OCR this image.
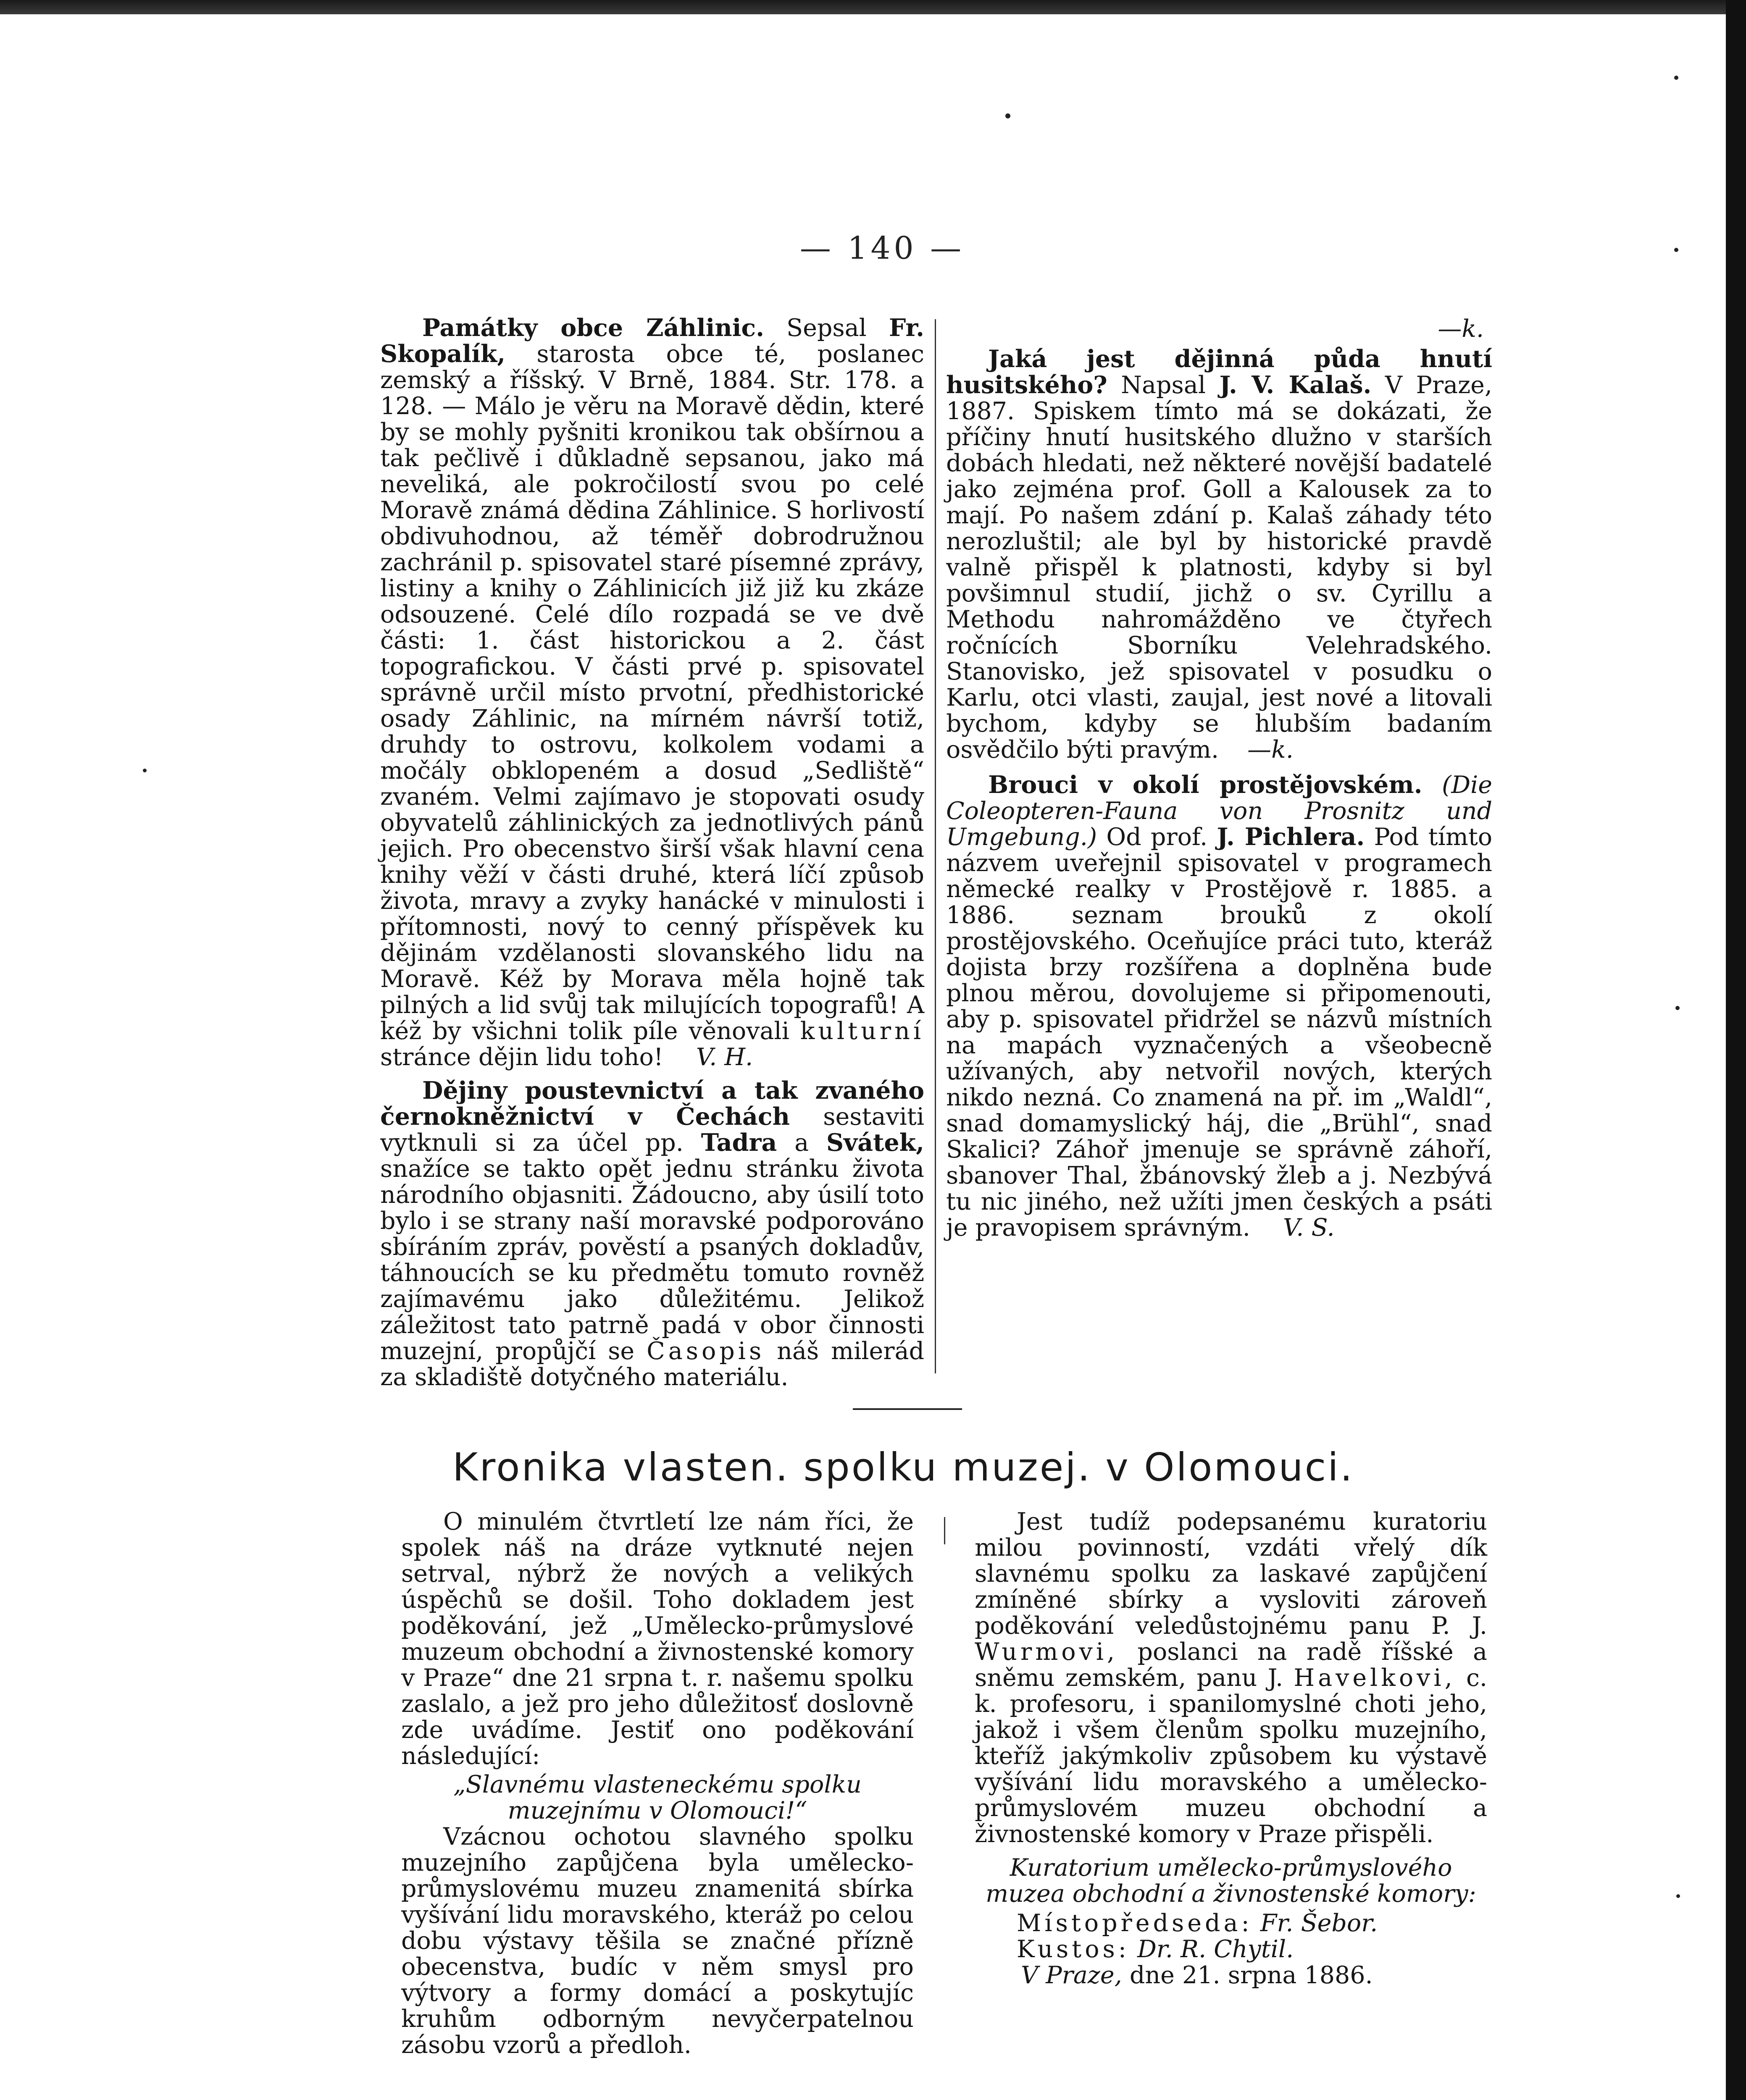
— 140 —

Památky obce Záhlinic. Sepsal Fr. Skopalík, starosta obce té, poslanec zemský a říšský. V Brně, 1884. Str. 178. a 128. — Málo je věru na Moravě dědin, které by se mohly pyšniti kronikou tak obšírnou a tak pečlivě i důkladně sepsanou, jako má neveliká, ale pokročilostí svou po celé Moravě známá dědina Záhlinice. S horlivostí obdivuhodnou, až téměř dobrodružnou zachránil p. spisovatel staré písemné zprávy, listiny a knihy o Záhlinicích již již ku zkáze odsouzené. Celé dílo rozpadá se ve dvě části: 1. část historickou a 2. část topografickou. V části prvé p. spisovatel správně určil místo prvotní, předhistorické osady Záhlinic, na mírném návrší totiž, druhdy to ostrovu, kolkolem vodami a močály obklopeném a dosud „Sedliště“ zvaném. Velmi zajímavo je stopovati osudy obyvatelů záhlinických za jednotlivých pánů jejich. Pro obecenstvo širší však hlavní cena knihy věží v části druhé, která líčí způsob života, mravy a zvyky hanácké v minulosti i přítomnosti, nový to cenný příspěvek ku dějinám vzdělanosti slovanského lidu na Moravě. Kéž by Morava měla hojně tak pilných a lid svůj tak milujících topografů! A kéž by všichni tolik píle věnovali kulturní stránce dějin lidu toho! V. H.

Dějiny poustevnictví a tak zvaného černokněžnictví v Čechách sestaviti vytknuli si za účel pp. Tadra a Svátek, snažíce se takto opět jednu stránku života národního objasniti. Žádoucno, aby úsilí toto bylo i se strany naší moravské podporováno sbíráním zpráv, pověstí a psaných dokladův, táhnoucích se ku předmětu tomuto rovněž zajímavému jako důležitému. Jelikož záležitost tato patrně padá v obor činnosti muzejní, propůjčí se Časopis náš milerád za skladiště dotyčného materiálu.

—k.

Jaká jest dějinná půda hnutí husitského? Napsal J. V. Kalaš. V Praze, 1887. Spiskem tímto má se dokázati, že příčiny hnutí husitského dlužno v starších dobách hledati, než některé novější badatelé jako zejména prof. Goll a Kalousek za to mají. Po našem zdání p. Kalaš záhady této nerozluštil; ale byl by historické pravdě valně přispěl k platnosti, kdyby si byl povšimnul studií, jichž o sv. Cyrillu a Methodu nahromážděno ve čtyřech ročnících Sborníku Velehradského. Stanovisko, jež spisovatel v posudku o Karlu, otci vlasti, zaujal, jest nové a litovali bychom, kdyby se hlubším badaním osvědčilo býti pravým. —k.

Brouci v okolí prostějovském. (Die Coleopteren-Fauna von Prosnitz und Umgebung.) Od prof. J. Pichlera. Pod tímto názvem uveřejnil spisovatel v programech německé realky v Prostějově r. 1885. a 1886. seznam brouků z okolí prostějovského. Oceňujíce práci tuto, kteráž dojista brzy rozšířena a doplněna bude plnou měrou, dovolujeme si připomenouti, aby p. spisovatel přidržel se názvů místních na mapách vyznačených a všeobecně užívaných, aby netvořil nových, kterých nikdo nezná. Co znamená na př. im „Waldl“, snad domamyslický háj, die „Brühl“, snad Skalici? Záhoř jmenuje se správně záhoří, sbanover Thal, žbánovský žleb a j. Nezbývá tu nic jiného, než užíti jmen českých a psáti je pravopisem správným. V. S.

Kronika vlasten. spolku muzej. v Olomouci.

O minulém čtvrtletí lze nám říci, že spolek náš na dráze vytknuté nejen setrval, nýbrž že nových a velikých úspěchů se došil. Toho dokladem jest poděkování, jež „Umělecko-průmyslové muzeum obchodní a živnostenské komory v Praze“ dne 21 srpna t. r. našemu spolku zaslalo, a jež pro jeho důležitosť doslovně zde uvádíme. Jestiť ono poděkování následující:

„Slavnému vlasteneckému spolku muzejnímu v Olomouci!“

Vzácnou ochotou slavného spolku muzejního zapůjčena byla umělecko-průmyslovému muzeu znamenitá sbírka vyšívání lidu moravského, kteráž po celou dobu výstavy těšila se značné přízně obecenstva, budíc v něm smysl pro výtvory a formy domácí a poskytujíc kruhům odborným nevyčerpatelnou zásobu vzorů a předloh.

Jest tudíž podepsanému kuratoriu milou povinností, vzdáti vřelý dík slavnému spolku za laskavé zapůjčení zmíněné sbírky a vysloviti zároveň poděkování veledůstojnému panu P. J. Wurmovi, poslanci na radě říšské a sněmu zemském, panu J. Havelkovi, c. k. profesoru, i spanilomyslné choti jeho, jakož i všem členům spolku muzejního, kteříž jakýmkoliv způsobem ku výstavě vyšívání lidu moravského a umělecko-průmyslovém muzeu obchodní a živnostenské komory v Praze přispěli.

Kuratorium umělecko-průmyslového muzea obchodní a živnostenské komory:

Místopředseda: Fr. Šebor.

Kustos: Dr. R. Chytil.

V Praze, dne 21. srpna 1886.
